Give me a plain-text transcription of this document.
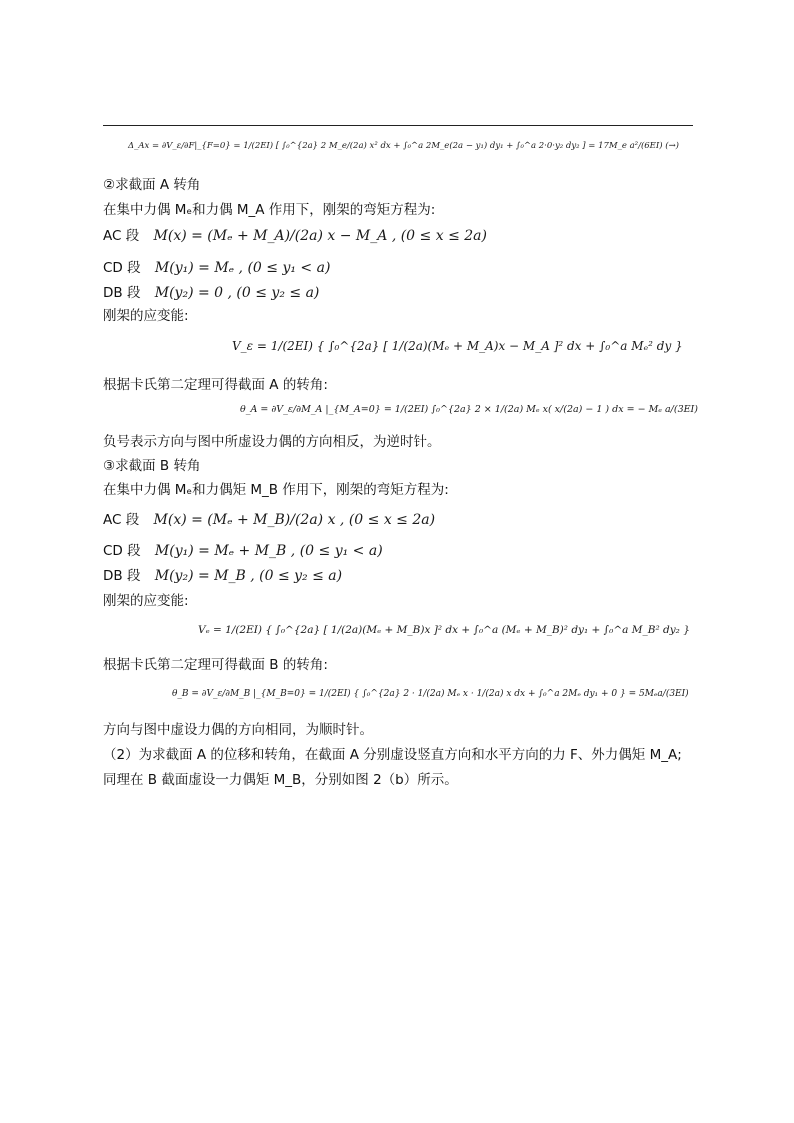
Δ_Ax = ∂V_ε/∂F|_{F=0} = 1/(2EI) [ ∫₀^{2a} 2 M_e/(2a) x² dx + ∫₀^a 2M_e(2a − y₁) dy₁ + ∫₀^a 2·0·y₂ dy₂ ] = 17M_e a²/(6EI) (→)
②求截面 A 转角
在集中力偶 Mₑ和力偶 M_A 作用下，刚架的弯矩方程为:
AC 段 M(x) = (Mₑ + M_A)/(2a) x − M_A , (0 ≤ x ≤ 2a)
CD 段 M(y₁) = Mₑ , (0 ≤ y₁ < a)
DB 段 M(y₂) = 0 , (0 ≤ y₂ ≤ a)
刚架的应变能:
V_ε = 1/(2EI) { ∫₀^{2a} [ 1/(2a)(Mₑ + M_A)x − M_A ]² dx + ∫₀^a Mₑ² dy }
根据卡氏第二定理可得截面 A 的转角:
θ_A = ∂V_ε/∂M_A |_{M_A=0} = 1/(2EI) ∫₀^{2a} 2 × 1/(2a) Mₑ x( x/(2a) − 1 ) dx = − Mₑ a/(3EI)
负号表示方向与图中所虚设力偶的方向相反，为逆时针。
③求截面 B 转角
在集中力偶 Mₑ和力偶矩 M_B 作用下，刚架的弯矩方程为:
AC 段 M(x) = (Mₑ + M_B)/(2a) x , (0 ≤ x ≤ 2a)
CD 段 M(y₁) = Mₑ + M_B , (0 ≤ y₁ < a)
DB 段 M(y₂) = M_B , (0 ≤ y₂ ≤ a)
刚架的应变能:
Vₑ = 1/(2EI) { ∫₀^{2a} [ 1/(2a)(Mₑ + M_B)x ]² dx + ∫₀^a (Mₑ + M_B)² dy₁ + ∫₀^a M_B² dy₂ }
根据卡氏第二定理可得截面 B 的转角:
θ_B = ∂V_ε/∂M_B |_{M_B=0} = 1/(2EI) { ∫₀^{2a} 2 · 1/(2a) Mₑ x · 1/(2a) x dx + ∫₀^a 2Mₑ dy₁ + 0 } = 5Mₑa/(3EI)
方向与图中虚设力偶的方向相同，为顺时针。
（2）为求截面 A 的位移和转角，在截面 A 分别虚设竖直方向和水平方向的力 F、外力偶矩 M_A;
同理在 B 截面虚设一力偶矩 M_B，分别如图 2（b）所示。
